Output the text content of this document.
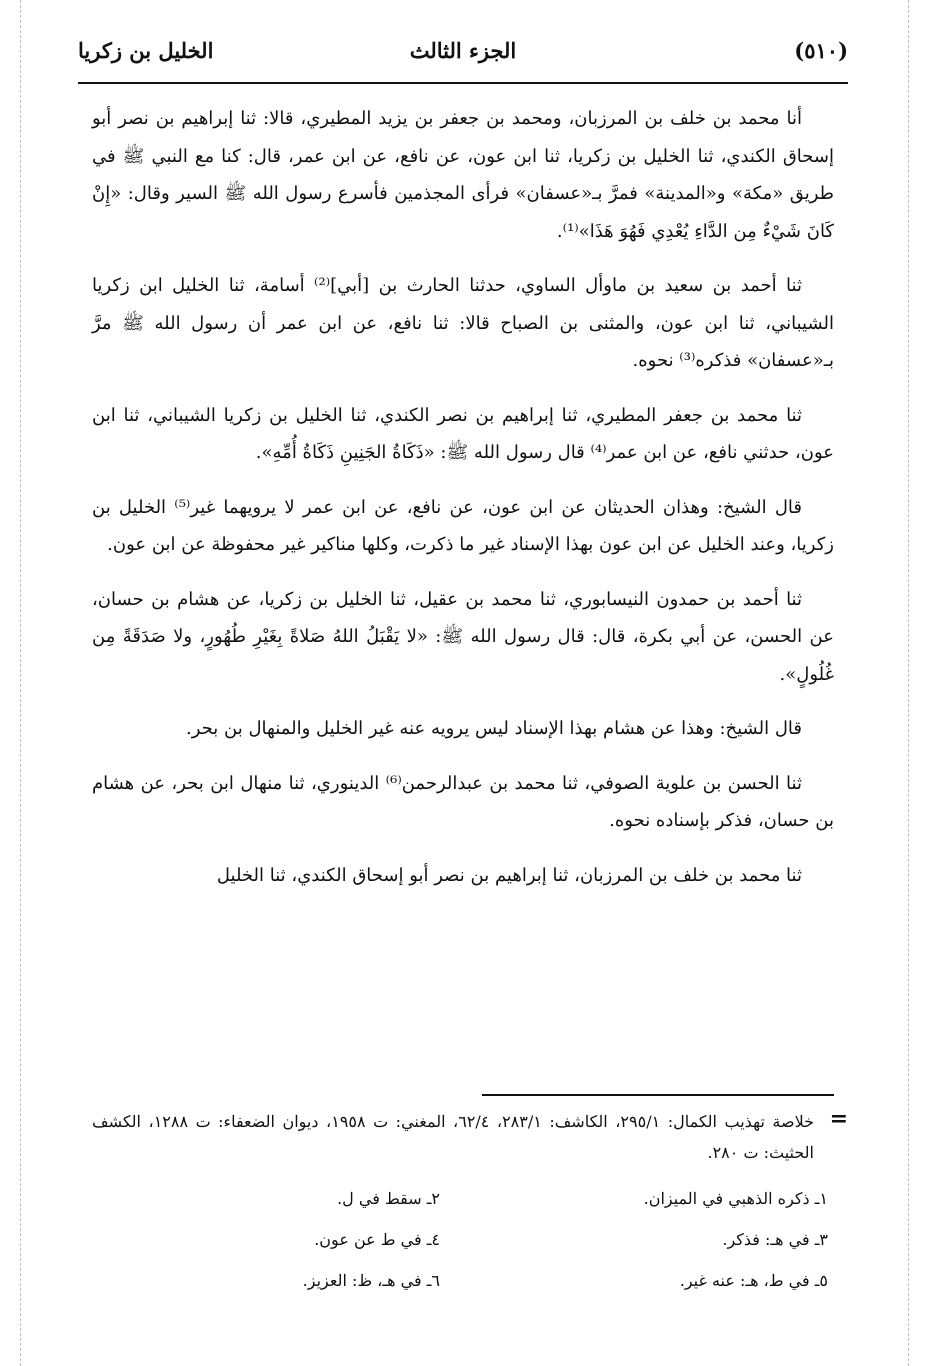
(٥١٠)
الجزء الثالث
الخليل بن زكريا

أنا محمد بن خلف بن المرزبان، ومحمد بن جعفر بن يزيد المطيري، قالا: ثنا إبراهيم بن نصر أبو إسحاق الكندي، ثنا الخليل بن زكريا، ثنا ابن عون، عن نافع، عن ابن عمر، قال: كنا مع النبي ﷺ في طريق «مكة» و«المدينة» فمرَّ بـ«عسفان» فرأى المجذمين فأسرع رسول الله ﷺ السير وقال: «إِنْ كَانَ شَيْءٌ مِن الدَّاءِ يُعْدِي فَهُوَ هَذَا»⁽¹⁾.

ثنا أحمد بن سعيد بن ماوأل الساوي، حدثنا الحارث بن [أبي]⁽²⁾ أسامة، ثنا الخليل ابن زكريا الشيباني، ثنا ابن عون، والمثنى بن الصباح قالا: ثنا نافع، عن ابن عمر أن رسول الله ﷺ مرَّ بـ«عسفان» فذكره⁽³⁾ نحوه.

ثنا محمد بن جعفر المطيري، ثنا إبراهيم بن نصر الكندي، ثنا الخليل بن زكريا الشيباني، ثنا ابن عون، حدثني نافع، عن ابن عمر⁽⁴⁾ قال رسول الله ﷺ: «ذَكَاةُ الجَنِينِ ذَكَاةُ أُمِّهِ».

قال الشيخ: وهذان الحديثان عن ابن عون، عن نافع، عن ابن عمر لا يرويهما غير⁽⁵⁾ الخليل بن زكريا، وعند الخليل عن ابن عون بهذا الإسناد غير ما ذكرت، وكلها مناكير غير محفوظة عن ابن عون.

ثنا أحمد بن حمدون النيسابوري، ثنا محمد بن عقيل، ثنا الخليل بن زكريا، عن هشام بن حسان، عن الحسن، عن أبي بكرة، قال: قال رسول الله ﷺ: «لا يَقْبَلُ اللهُ صَلاةً بِغَيْرِ طُهُورٍ، ولا صَدَقَةً مِن غُلُولٍ».

قال الشيخ: وهذا عن هشام بهذا الإسناد ليس يرويه عنه غير الخليل والمنهال بن بحر.

ثنا الحسن بن علوية الصوفي، ثنا محمد بن عبدالرحمن⁽⁶⁾ الدينوري، ثنا منهال ابن بحر، عن هشام بن حسان، فذكر بإسناده نحوه.

ثنا محمد بن خلف بن المرزبان، ثنا إبراهيم بن نصر أبو إسحاق الكندي، ثنا الخليل

=
خلاصة تهذيب الكمال: ٢٩٥/١، الكاشف: ٢٨٣/١، ٦٢/٤، المغني: ت ١٩٥٨، ديوان الضعفاء: ت ١٢٨٨، الكشف الحثيث: ت ٢٨٠.
١ـ ذكره الذهبي في الميزان.
٢ـ سقط في ل.
٣ـ في هـ: فذكر.
٤ـ في ط عن عون.
٥ـ في ط، هـ: عنه غير.
٦ـ في هـ، ظ: العزيز.
